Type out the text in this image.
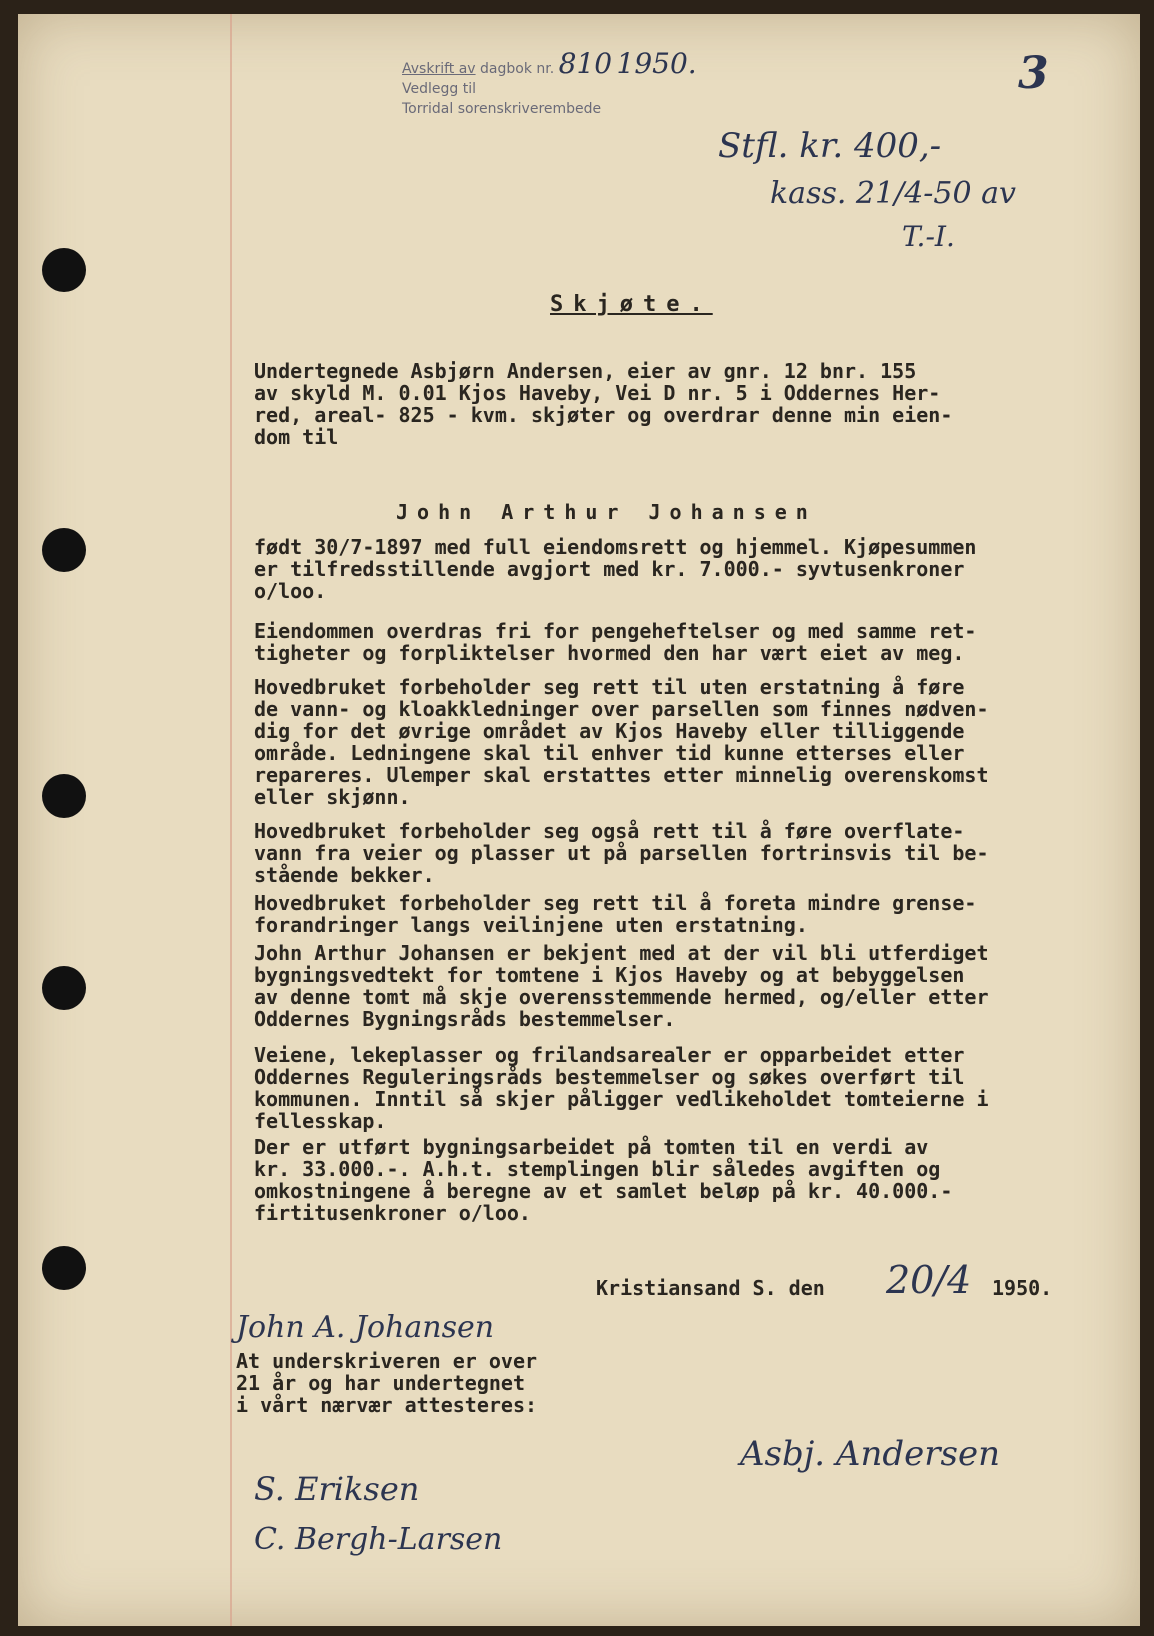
Avskrift av dagbok nr. 810 1950.
Vedlegg til
Torridal sorenskriverembede
3
Stfl. kr. 400,-
kass. 21/4-50 av
T.-I.
Skjøte.
Undertegnede Asbjørn Andersen, eier av gnr. 12 bnr. 155
av skyld M. 0.01 Kjos Haveby, Vei D nr. 5 i Oddernes Her-
red, areal- 825 - kvm. skjøter og overdrar denne min eien-
dom til
John Arthur Johansen
født 30/7-1897 med full eiendomsrett og hjemmel. Kjøpesummen
er tilfredsstillende avgjort med kr. 7.000.- syvtusenkroner
o/loo.
Eiendommen overdras fri for pengeheftelser og med samme ret-
tigheter og forpliktelser hvormed den har vært eiet av meg.
Hovedbruket forbeholder seg rett til uten erstatning å føre
de vann- og kloakkledninger over parsellen som finnes nødven-
dig for det øvrige området av Kjos Haveby eller tilliggende
område. Ledningene skal til enhver tid kunne etterses eller
repareres. Ulemper skal erstattes etter minnelig overenskomst
eller skjønn.
Hovedbruket forbeholder seg også rett til å føre overflate-
vann fra veier og plasser ut på parsellen fortrinsvis til be-
stående bekker.
Hovedbruket forbeholder seg rett til å foreta mindre grense-
forandringer langs veilinjene uten erstatning.
John Arthur Johansen er bekjent med at der vil bli utferdiget
bygningsvedtekt for tomtene i Kjos Haveby og at bebyggelsen
av denne tomt må skje overensstemmende hermed, og/eller etter
Oddernes Bygningsråds bestemmelser.
Veiene, lekeplasser og frilandsarealer er opparbeidet etter
Oddernes Reguleringsråds bestemmelser og søkes overført til
kommunen. Inntil så skjer påligger vedlikeholdet tomteierne i
fellesskap.
Der er utført bygningsarbeidet på tomten til en verdi av
kr. 33.000.-. A.h.t. stemplingen blir således avgiften og
omkostningene å beregne av et samlet beløp på kr. 40.000.-
firtitusenkroner o/loo.
Kristiansand S. den 20/4 1950.
John A. Johansen
At underskriveren er over
21 år og har undertegnet
i vårt nærvær attesteres:
Asbj. Andersen
S. Eriksen
C. Bergh-Larsen
